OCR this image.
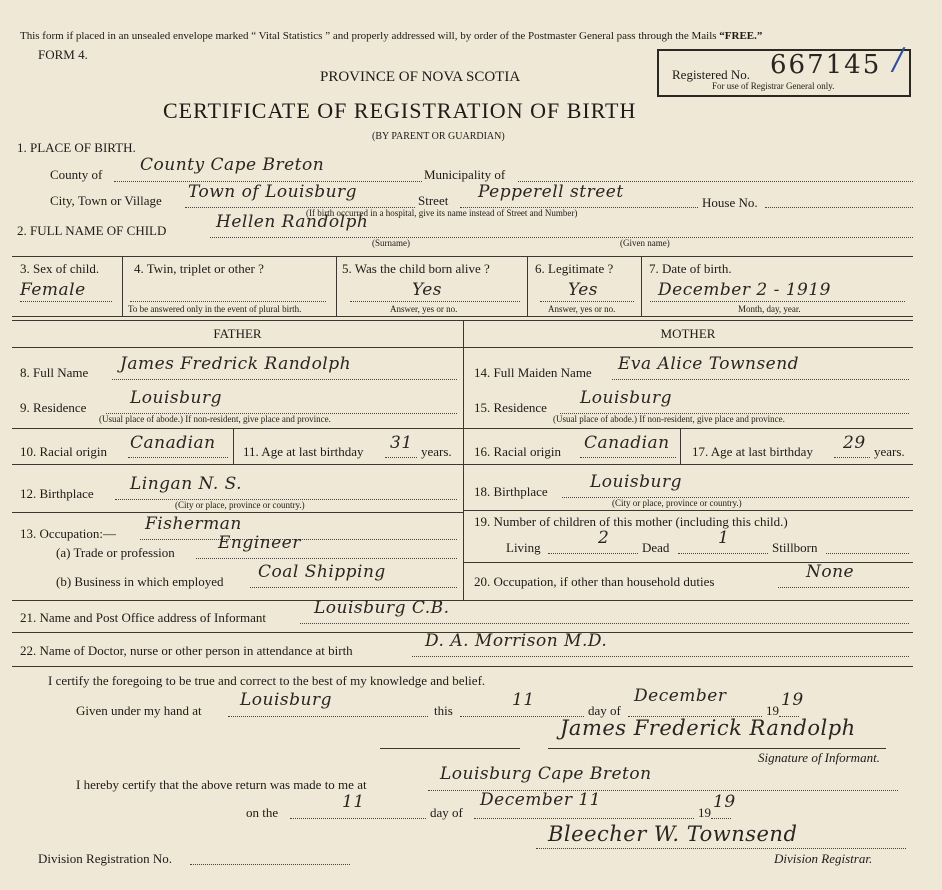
This form if placed in an unsealed envelope marked “ Vital Statistics ” and properly addressed will, by order of the Postmaster General pass through the Mails “FREE.”
FORM 4.
PROVINCE OF NOVA SCOTIA
CERTIFICATE OF REGISTRATION OF BIRTH
(BY PARENT OR GUARDIAN)
Registered No. 667145 /
For use of Registrar General only.
1. PLACE OF BIRTH.
County of County Cape Breton	Municipality of
City, Town or Village Town of Louisburg	Street Pepperell street
House No.
(If birth occurred in a hospital, give its name instead of Street and Number)
2. FULL NAME OF CHILD	Hellen Randolph
(Surname)	(Given name)
3. Sex of child.
Female
4. Twin, triplet or other ?
To be answered only in the event of plural birth.
5. Was the child born alive ?
Yes
Answer, yes or no.
6. Legitimate ?
Yes
Answer, yes or no.
7. Date of birth.
December 2 - 1919
Month, day, year.
FATHER	MOTHER
8. Full Name James Fredrick Randolph
9. Residence	Louisburg
(Usual place of abode.) If non-resident, give place and province.
10. Racial origin Canadian 11. Age at last birthday 31 years.
12. Birthplace Lingan N. S.
(City or place, province or country.)
13. Occupation:— Fisherman
(a) Trade or profession	Engineer
(b) Business in which employed Coal Shipping
14. Full Maiden Name Eva Alice Townsend
15. Residence Louisburg
(Usual place of abode.) If non-resident, give place and province.
16. Racial origin Canadian 17. Age at last birthday 29 years.
18. Birthplace Louisburg
(City or place, province or country.)
19. Number of children of this mother (including this child.)
Living	2	Dead	1	Stillborn
20. Occupation, if other than household duties	None
21. Name and Post Office address of Informant	Louisburg C.B.
22. Name of Doctor, nurse or other person in attendance at birth	D. A. Morrison M.D.
I certify the foregoing to be true and correct to the best of my knowledge and belief.
Given under my hand at
Louisburg
this
11
day of
December
19
19
James Frederick Randolph
Signature of Informant.
I hereby certify that the above return was made to me at
Louisburg Cape Breton
on the
11
day of
December 11
19
19
Bleecher W. Townsend
Division Registration No.	Division Registrar.
